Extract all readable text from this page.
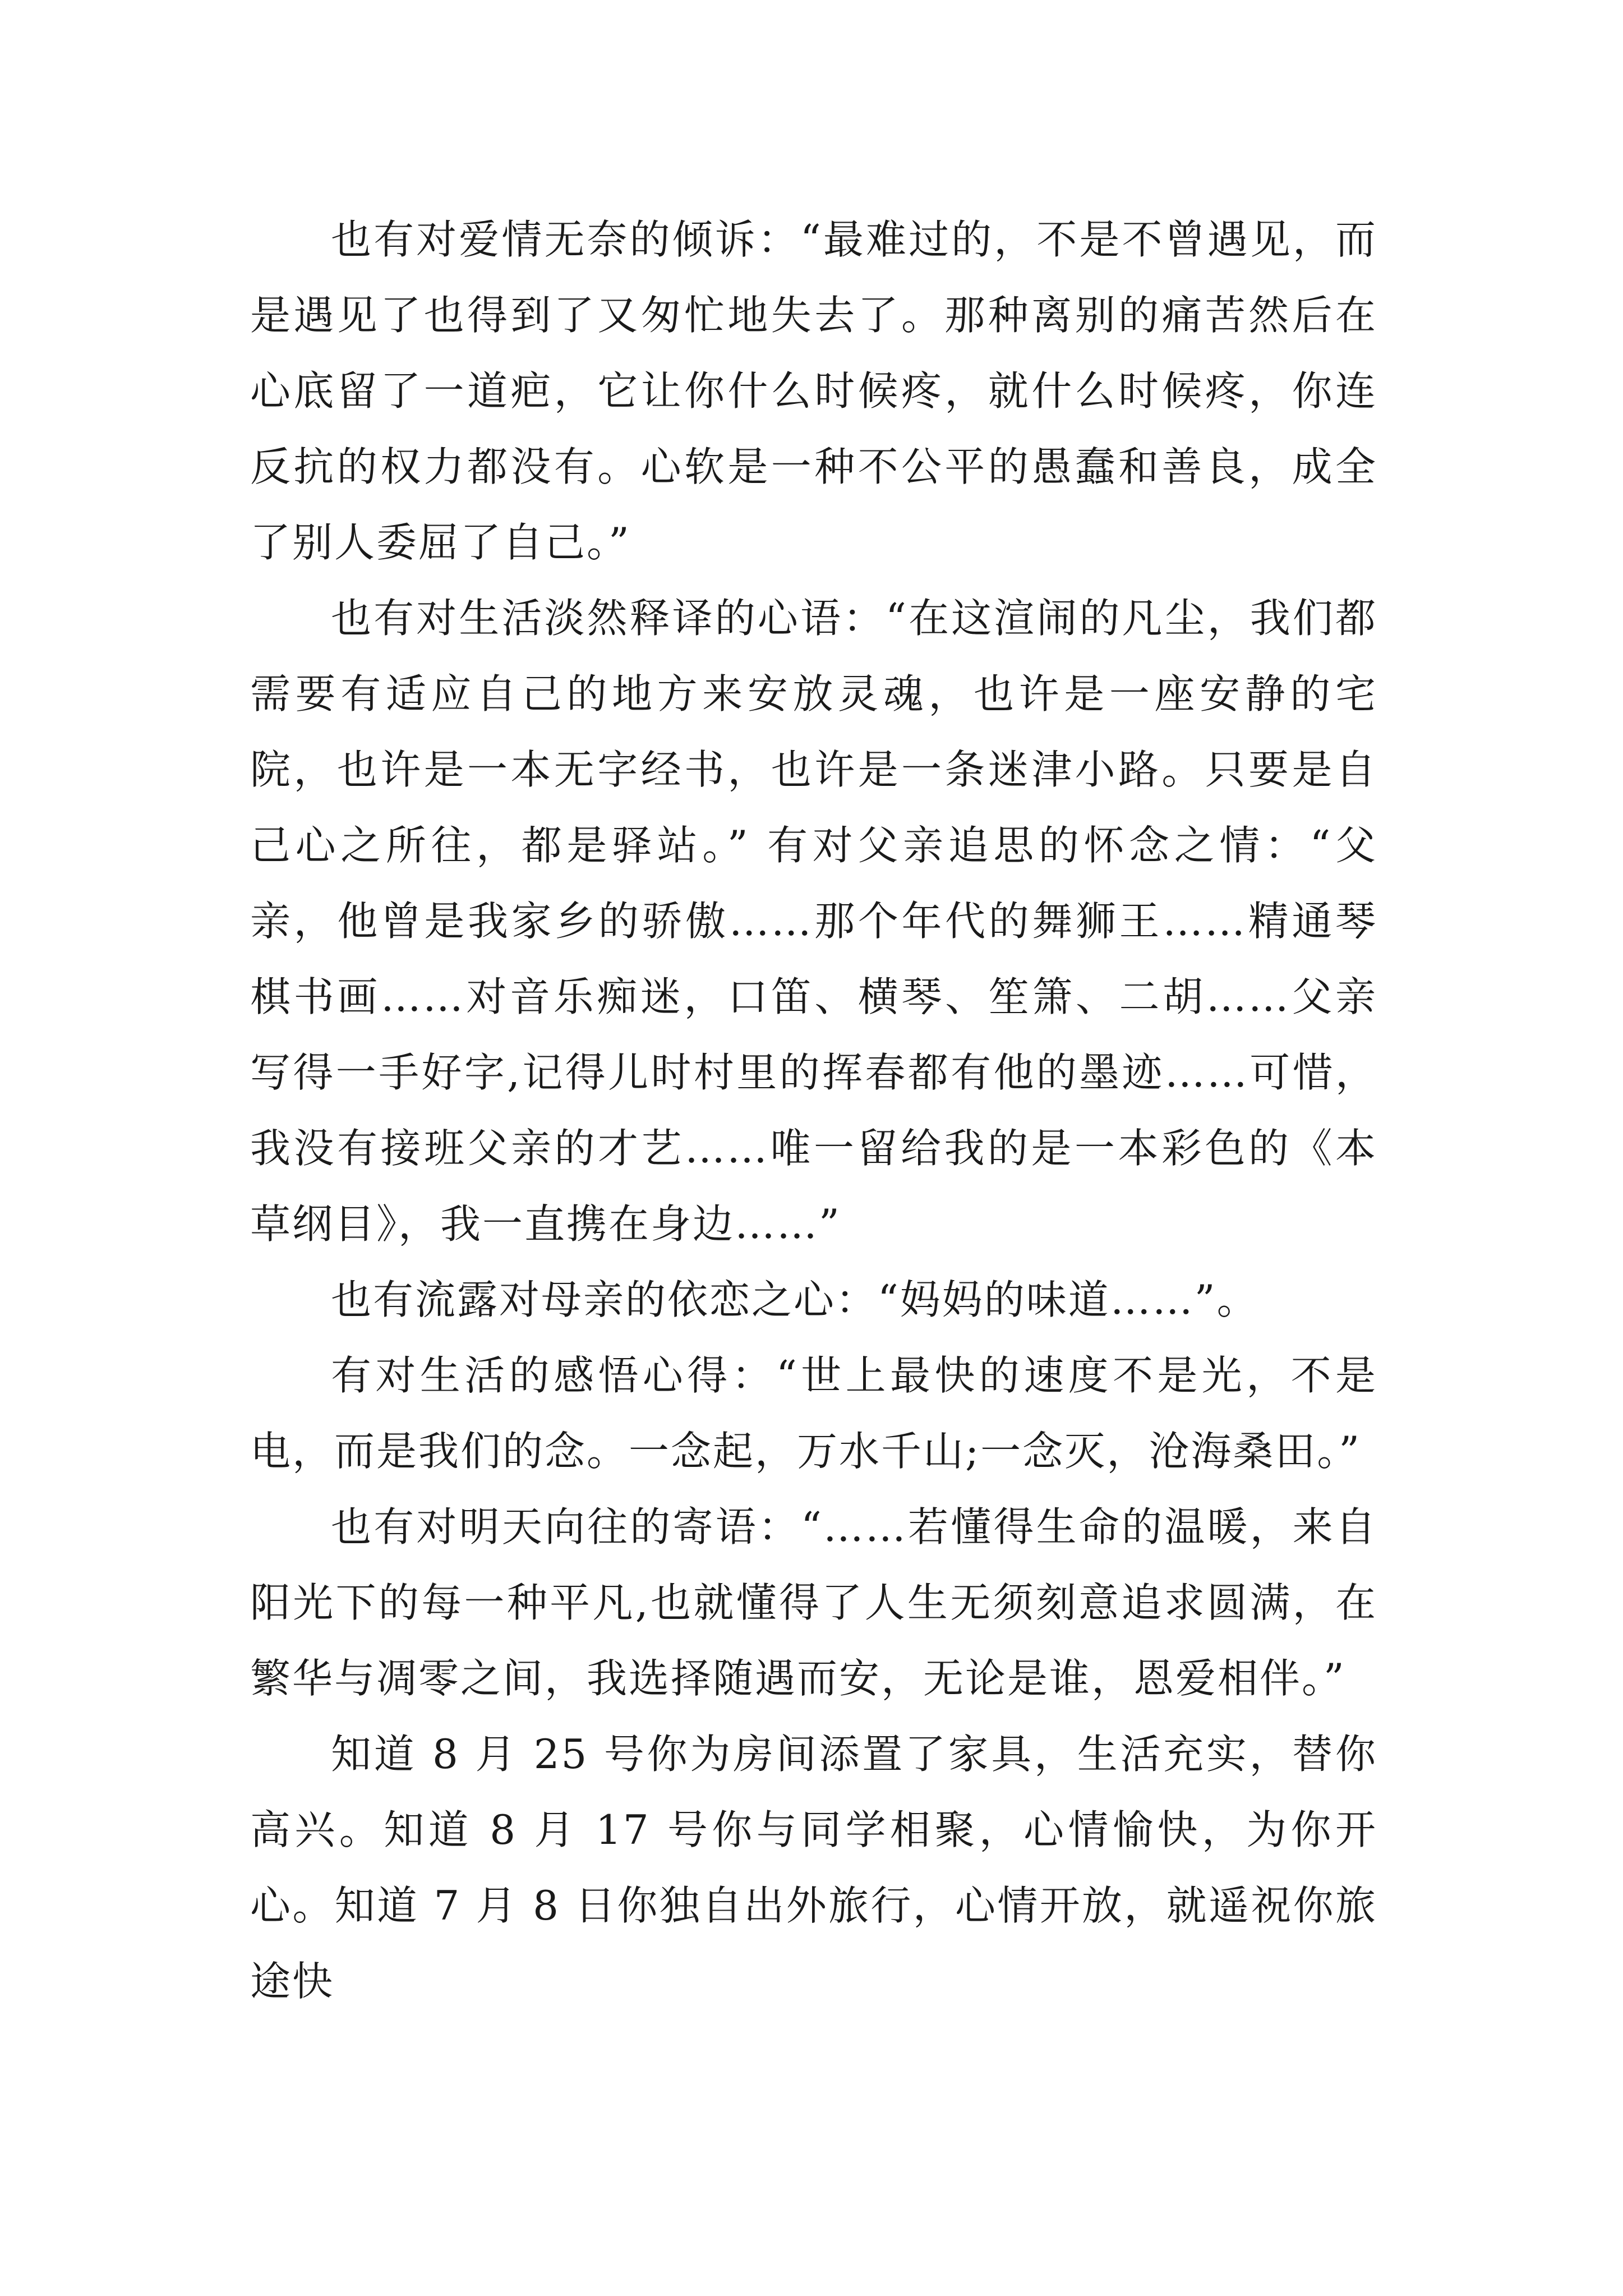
也有对爱情无奈的倾诉：“最难过的，不是不曾遇见，而是遇见了也得到了又匆忙地失去了。那种离别的痛苦然后在心底留了一道疤，它让你什么时候疼，就什么时候疼，你连反抗的权力都没有。心软是一种不公平的愚蠢和善良，成全了别人委屈了自己。”

也有对生活淡然释译的心语：“在这渲闹的凡尘，我们都需要有适应自己的地方来安放灵魂，也许是一座安静的宅院，也许是一本无字经书，也许是一条迷津小路。只要是自己心之所往，都是驿站。” 有对父亲追思的怀念之情：“父亲，他曾是我家乡的骄傲……那个年代的舞狮王……精通琴棋书画……对音乐痴迷，口笛、横琴、笙箫、二胡……父亲写得一手好字,记得儿时村里的挥春都有他的墨迹……可惜，我没有接班父亲的才艺……唯一留给我的是一本彩色的《本草纲目》，我一直携在身边……”

也有流露对母亲的依恋之心：“妈妈的味道……”。

有对生活的感悟心得：“世上最快的速度不是光，不是电，而是我们的念。一念起，万水千山;一念灭，沧海桑田。”

也有对明天向往的寄语：“……若懂得生命的温暖，来自阳光下的每一种平凡,也就懂得了人生无须刻意追求圆满，在繁华与凋零之间，我选择随遇而安，无论是谁，恩爱相伴。”

知道 8 月 25 号你为房间添置了家具，生活充实，替你高兴。知道 8 月 17 号你与同学相聚，心情愉快，为你开心。知道 7 月 8 日你独自出外旅行，心情开放，就遥祝你旅途快
